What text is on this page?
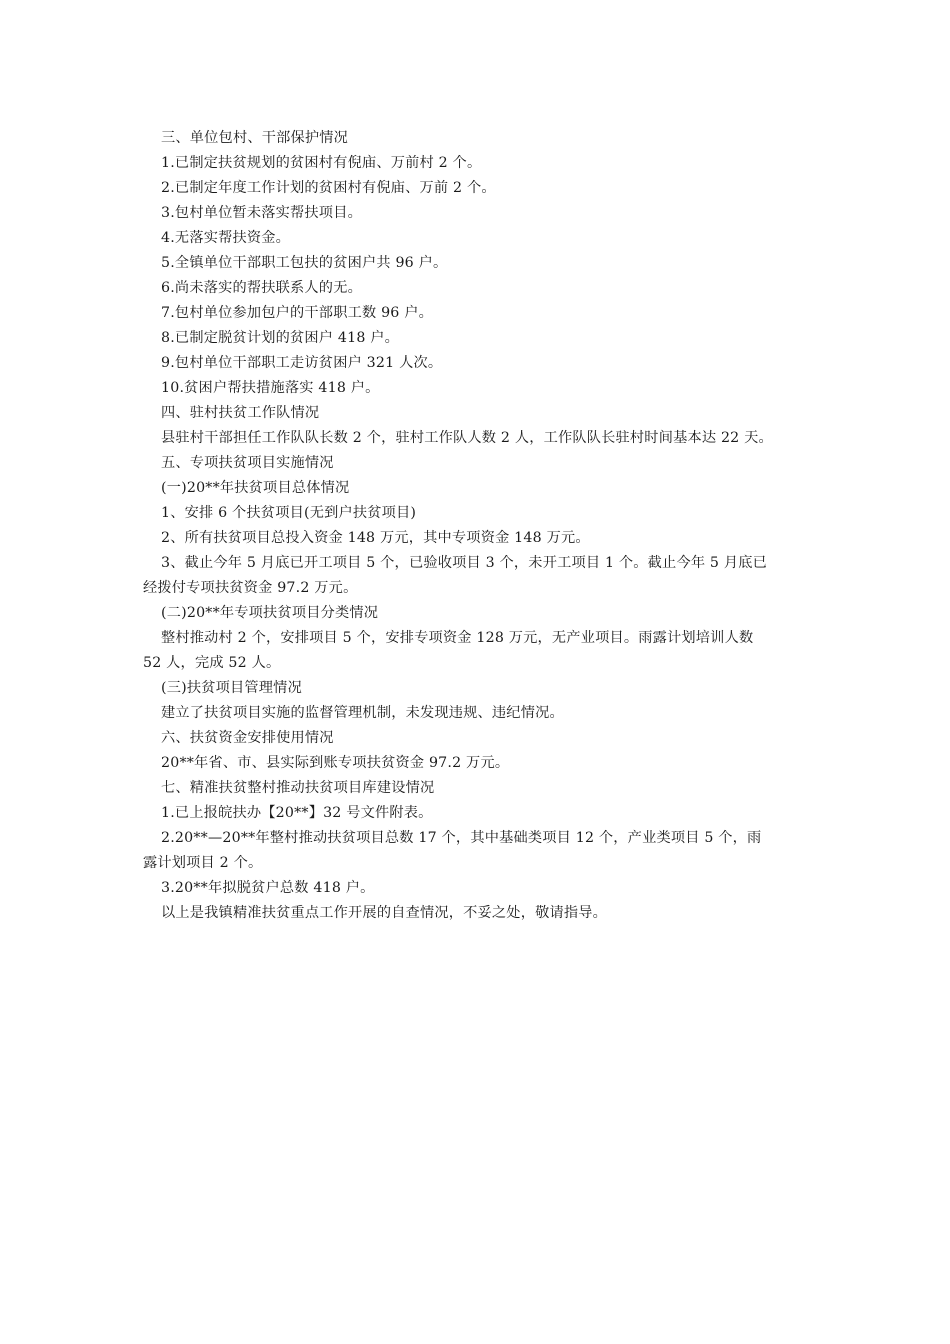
三、单位包村、干部保护情况
1.已制定扶贫规划的贫困村有倪庙、万前村 2 个。
2.已制定年度工作计划的贫困村有倪庙、万前 2 个。
3.包村单位暂未落实帮扶项目。
4.无落实帮扶资金。
5.全镇单位干部职工包扶的贫困户共 96 户。
6.尚未落实的帮扶联系人的无。
7.包村单位参加包户的干部职工数 96 户。
8.已制定脱贫计划的贫困户 418 户。
9.包村单位干部职工走访贫困户 321 人次。
10.贫困户帮扶措施落实 418 户。
四、驻村扶贫工作队情况
县驻村干部担任工作队队长数 2 个，驻村工作队人数 2 人，工作队队长驻村时间基本达 22 天。
五、专项扶贫项目实施情况
(一)20**年扶贫项目总体情况
1、安排 6 个扶贫项目(无到户扶贫项目)
2、所有扶贫项目总投入资金 148 万元，其中专项资金 148 万元。
3、截止今年 5 月底已开工项目 5 个，已验收项目 3 个，未开工项目 1 个。截止今年 5 月底已
经拨付专项扶贫资金 97.2 万元。
(二)20**年专项扶贫项目分类情况
整村推动村 2 个，安排项目 5 个，安排专项资金 128 万元，无产业项目。雨露计划培训人数
52 人，完成 52 人。
(三)扶贫项目管理情况
建立了扶贫项目实施的监督管理机制，未发现违规、违纪情况。
六、扶贫资金安排使用情况
20**年省、市、县实际到账专项扶贫资金 97.2 万元。
七、精准扶贫整村推动扶贫项目库建设情况
1.已上报皖扶办【20**】32 号文件附表。
2.20**—20**年整村推动扶贫项目总数 17 个，其中基础类项目 12 个，产业类项目 5 个，雨
露计划项目 2 个。
3.20**年拟脱贫户总数 418 户。
以上是我镇精准扶贫重点工作开展的自查情况，不妥之处，敬请指导。
